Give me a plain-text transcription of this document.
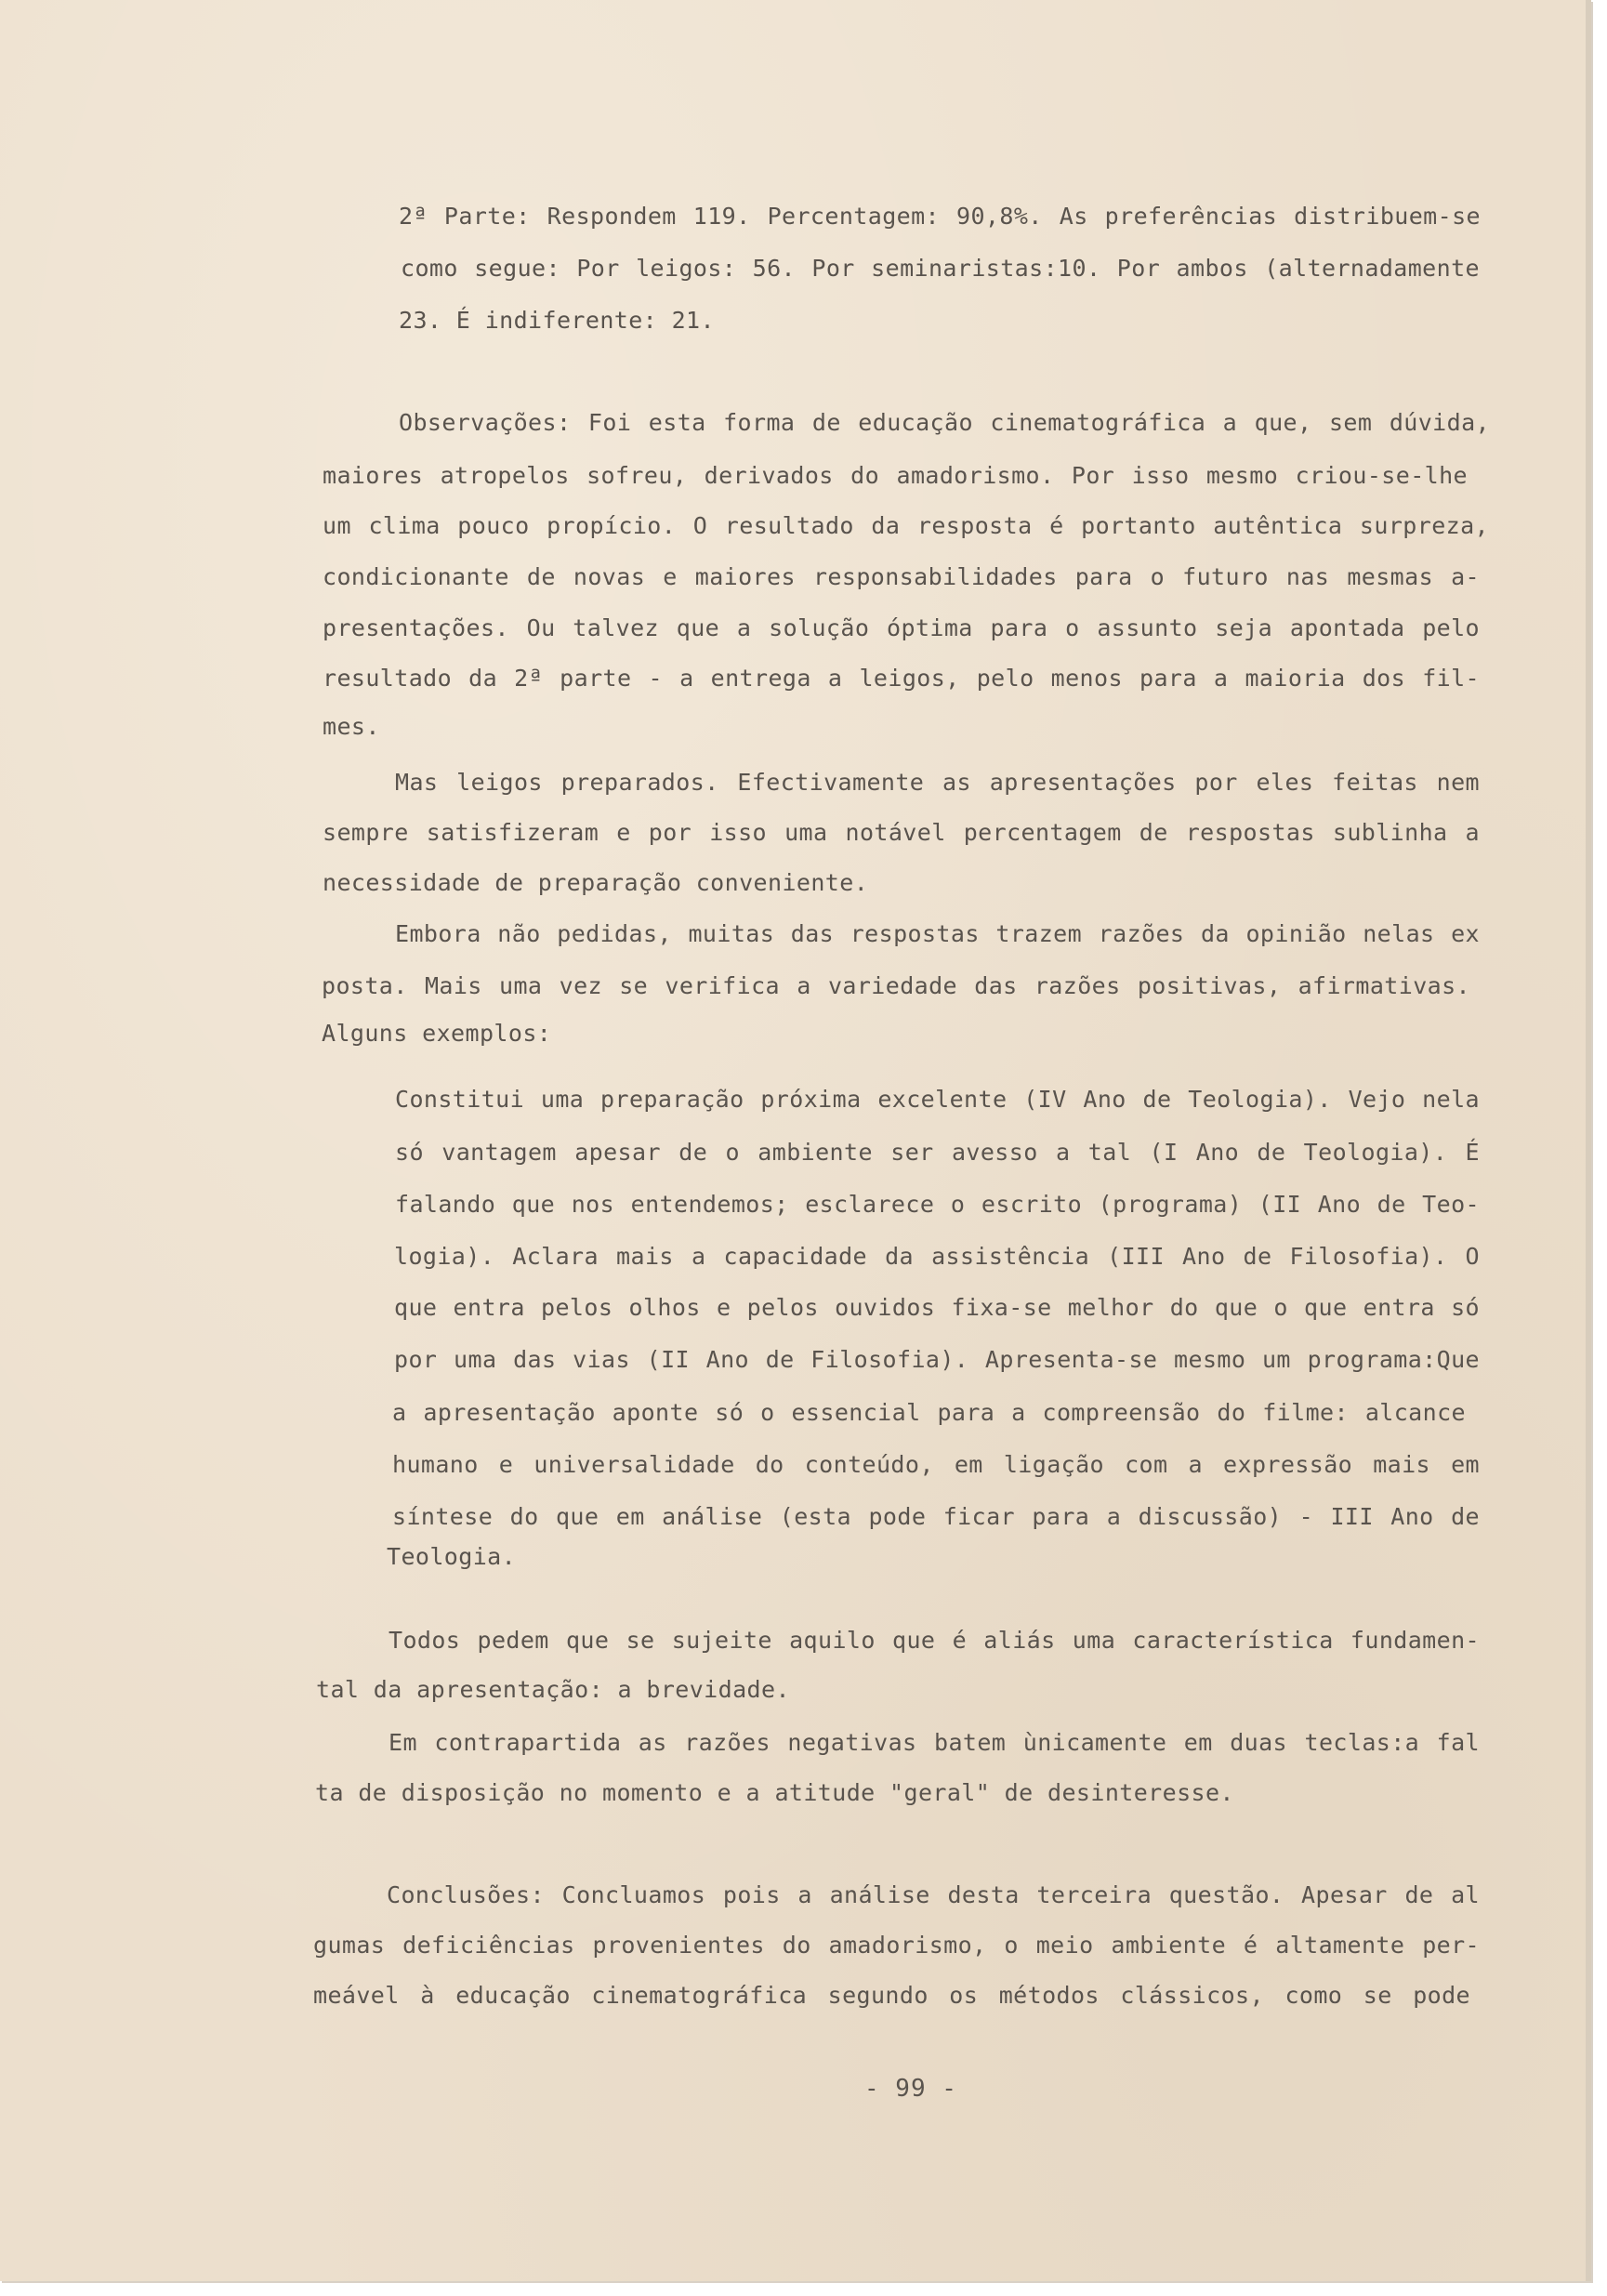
2ª Parte: Respondem 119. Percentagem: 90,8%. As preferências distribuem-se
como segue: Por leigos: 56. Por seminaristas:10. Por ambos (alternadamente
23. É indiferente: 21.
Observações: Foi esta forma de educação cinematográfica a que, sem dúvida,
maiores atropelos sofreu, derivados do amadorismo. Por isso mesmo criou-se-lhe
um clima pouco propício. O resultado da resposta é portanto autêntica surpreza,
condicionante de novas e maiores responsabilidades para o futuro nas mesmas a-
presentações. Ou talvez que a solução óptima para o assunto seja apontada pelo
resultado da 2ª parte - a entrega a leigos, pelo menos para a maioria dos fil-
mes.
Mas leigos preparados. Efectivamente as apresentações por eles feitas nem
sempre satisfizeram e por isso uma notável percentagem de respostas sublinha a
necessidade de preparação conveniente.
Embora não pedidas, muitas das respostas trazem razões da opinião nelas ex
posta. Mais uma vez se verifica a variedade das razões positivas, afirmativas.
Alguns exemplos:
Constitui uma preparação próxima excelente (IV Ano de Teologia). Vejo nela
só vantagem apesar de o ambiente ser avesso a tal (I Ano de Teologia). É
falando que nos entendemos; esclarece o escrito (programa) (II Ano de Teo-
logia). Aclara mais a capacidade da assistência (III Ano de Filosofia). O
que entra pelos olhos e pelos ouvidos fixa-se melhor do que o que entra só
por uma das vias (II Ano de Filosofia). Apresenta-se mesmo um programa:Que
a apresentação aponte só o essencial para a compreensão do filme: alcance
humano e universalidade do conteúdo, em ligação com a expressão mais em
síntese do que em análise (esta pode ficar para a discussão) - III Ano de
Teologia.
Todos pedem que se sujeite aquilo que é aliás uma característica fundamen-
tal da apresentação: a brevidade.
Em contrapartida as razões negativas batem ùnicamente em duas teclas:a fal
ta de disposição no momento e a atitude "geral" de desinteresse.
Conclusões: Concluamos pois a análise desta terceira questão. Apesar de al
gumas deficiências provenientes do amadorismo, o meio ambiente é altamente per-
meável à educação cinematográfica segundo os métodos clássicos, como se pode
- 99 -
